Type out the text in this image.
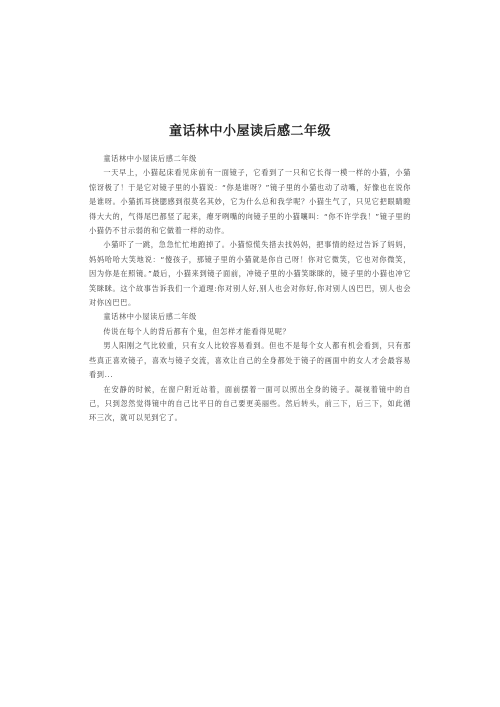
童话林中小屋读后感二年级

童话林中小屋读后感二年级

一天早上，小猫起床看见床前有一面镜子，它看到了一只和它长得一模一样的小猫，小猫惊讶极了！于是它对镜子里的小猫说：“你是谁呀？”镜子里的小猫也动了动嘴，好像也在说你是谁呀。小猫抓耳挠腮感到很莫名其妙，它为什么总和我学呢？小猫生气了，只见它把眼睛瞪得大大的，气得尾巴都竖了起来，瘪牙咧嘴的向镜子里的小猫嚷叫：“你不许学我！”镜子里的小猫仍不甘示弱的和它做着一样的动作。

小猫吓了一跳，急急忙忙地跑掉了。小猫惊慌失措去找妈妈，把事情的经过告诉了妈妈，妈妈哈哈大笑地说：“傻孩子，那镜子里的小猫就是你自己呀！你对它微笑，它也对你微笑，因为你是在照镜。”最后，小猫来到镜子面前，冲镜子里的小猫笑眯眯的，镜子里的小猫也冲它笑眯眯。这个故事告诉我们一个道理:你对别人好,别人也会对你好,你对别人凶巴巴，别人也会对你凶巴巴。

童话林中小屋读后感二年级

传说在每个人的背后都有个鬼，但怎样才能看得见呢？

男人阳刚之气比较重，只有女人比较容易看到。但也不是每个女人都有机会看到，只有那些真正喜欢镜子，喜欢与镜子交流，喜欢让自己的全身都处于镜子的画面中的女人才会最容易看到...

在安静的时候，在窗户附近站着，面前摆着一面可以照出全身的镜子。凝视着镜中的自己，只到忽然觉得镜中的自己比平日的自己要更美丽些。然后转头，前三下，后三下，如此循环三次，就可以见到它了。
